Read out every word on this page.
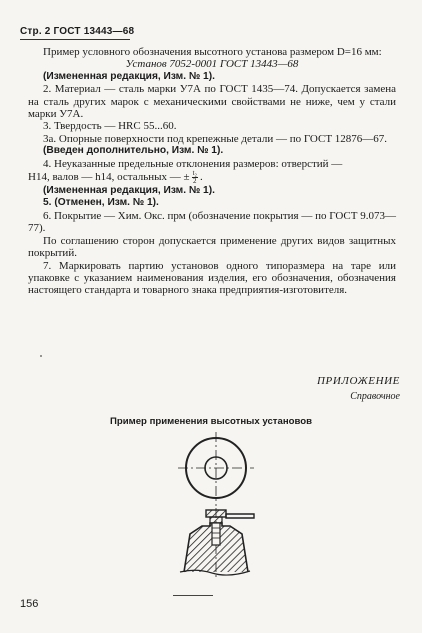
Стр. 2 ГОСТ 13443—68

Пример условного обозначения высотного установа размером D=16 мм:

Установ 7052-0001 ГОСТ 13443—68

(Измененная редакция, Изм. № 1).

2. Материал — сталь марки У7А по ГОСТ 1435—74. Допускается замена на сталь других марок с механическими свойствами не ниже, чем у стали марки У7А.

3. Твердость — HRC 55...60.

3а. Опорные поверхности под крепежные детали — по ГОСТ 12876—67.

(Введен дополнительно, Изм. № 1).

4. Неуказанные предельные отклонения размеров: отверстий —

H14, валов — h14, остальных — ± $\frac{\text{t₂}}{2}$ .

(Измененная редакция, Изм. № 1).

5. (Отменен, Изм. № 1).

6. Покрытие — Хим. Окс. прм (обозначение покрытия — по ГОСТ 9.073—77).

По соглашению сторон допускается применение других видов защитных покрытий.

7. Маркировать партию установов одного типоразмера на таре или упаковке с указанием наименования изделия, его обозначения, обозначения настоящего стандарта и товарного знака предприятия-изготовителя.

ПРИЛОЖЕНИЕ
Справочное
Пример применения высотных установов
156
